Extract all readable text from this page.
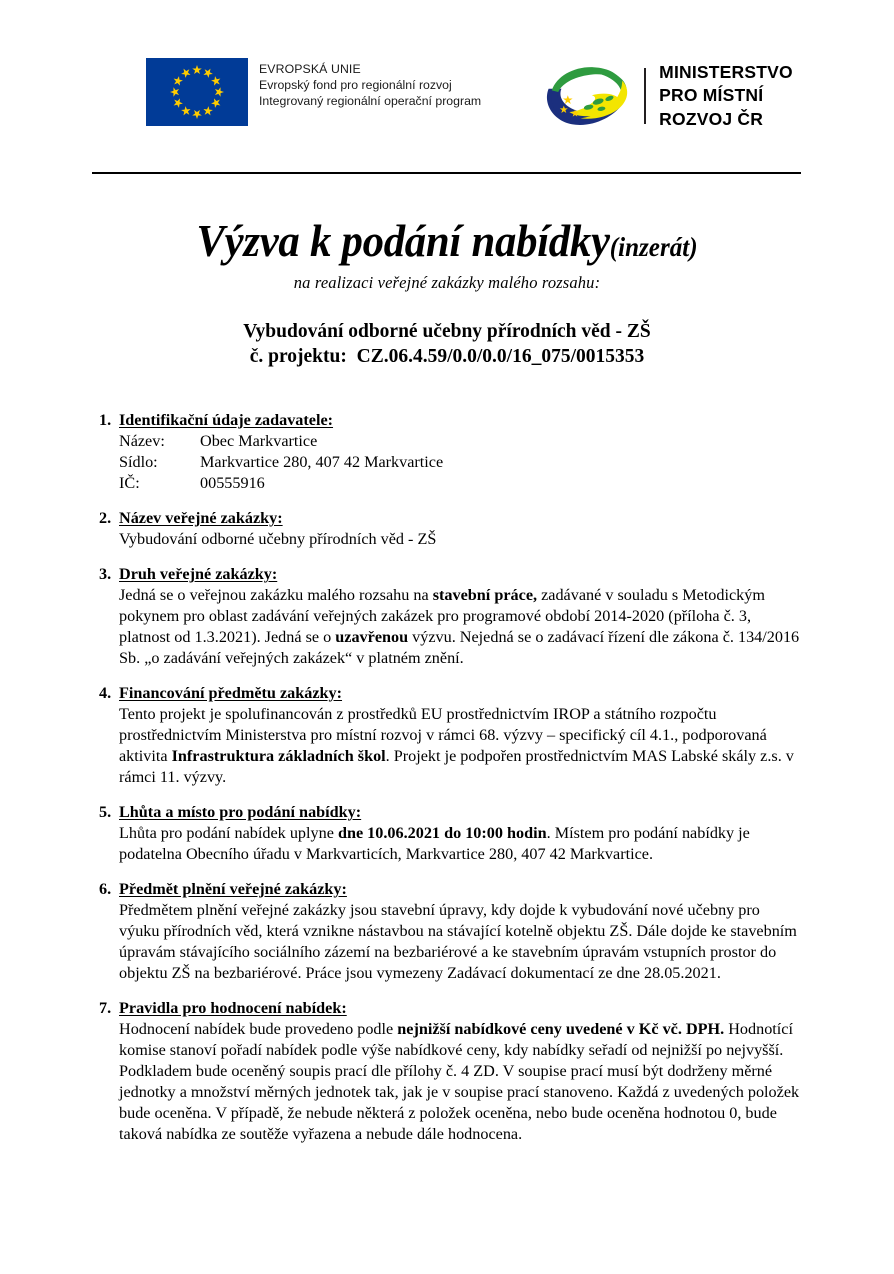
EVROPSKÁ UNIE
Evropský fond pro regionální rozvoj
Integrovaný regionální operační program
MINISTERSTVO
PRO MÍSTNÍ
ROZVOJ ČR
Výzva k podání nabídky(inzerát)
na realizaci veřejné zakázky malého rozsahu:
Vybudování odborné učebny přírodních věd - ZŠ
č. projektu: CZ.06.4.59/0.0/0.0/16_075/0015353
1. Identifikační údaje zadavatele:
Název:	Obec Markvartice
Sídlo:	Markvartice 280, 407 42 Markvartice
IČ:	00555916
2. Název veřejné zakázky:
Vybudování odborné učebny přírodních věd - ZŠ
3. Druh veřejné zakázky:
Jedná se o veřejnou zakázku malého rozsahu na stavební práce, zadávané v souladu s Metodickým pokynem pro oblast zadávání veřejných zakázek pro programové období 2014-2020 (příloha č. 3, platnost od 1.3.2021). Jedná se o uzavřenou výzvu. Nejedná se o zadávací řízení dle zákona č. 134/2016 Sb. „o zadávání veřejných zakázek“ v platném znění.
4. Financování předmětu zakázky:
Tento projekt je spolufinancován z prostředků EU prostřednictvím IROP a státního rozpočtu prostřednictvím Ministerstva pro místní rozvoj v rámci 68. výzvy – specifický cíl 4.1., podporovaná aktivita Infrastruktura základních škol. Projekt je podpořen prostřednictvím MAS Labské skály z.s. v rámci 11. výzvy.
5. Lhůta a místo pro podání nabídky:
Lhůta pro podání nabídek uplyne dne 10.06.2021 do 10:00 hodin. Místem pro podání nabídky je podatelna Obecního úřadu v Markvarticích, Markvartice 280, 407 42 Markvartice.
6. Předmět plnění veřejné zakázky:
Předmětem plnění veřejné zakázky jsou stavební úpravy, kdy dojde k vybudování nové učebny pro výuku přírodních věd, která vznikne nástavbou na stávající kotelně objektu ZŠ. Dále dojde ke stavebním úpravám stávajícího sociálního zázemí na bezbariérové a ke stavebním úpravám vstupních prostor do objektu ZŠ na bezbariérové. Práce jsou vymezeny Zadávací dokumentací ze dne 28.05.2021.
7. Pravidla pro hodnocení nabídek:
Hodnocení nabídek bude provedeno podle nejnižší nabídkové ceny uvedené v Kč vč. DPH. Hodnotící komise stanoví pořadí nabídek podle výše nabídkové ceny, kdy nabídky seřadí od nejnižší po nejvyšší. Podkladem bude oceněný soupis prací dle přílohy č. 4 ZD. V soupise prací musí být dodrženy měrné jednotky a množství měrných jednotek tak, jak je v soupise prací stanoveno. Každá z uvedených položek bude oceněna. V případě, že nebude některá z položek oceněna, nebo bude oceněna hodnotou 0, bude taková nabídka ze soutěže vyřazena a nebude dále hodnocena.
